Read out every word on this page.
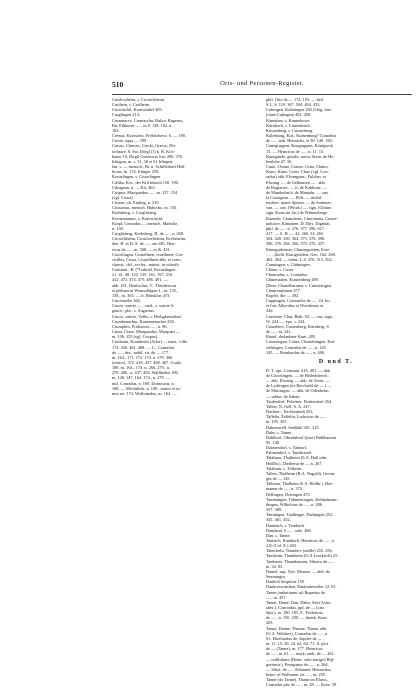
510	Orts- und Personen-Register.
Cruslowheim, s. Crowelsheim.
Cruthein, s. Crafheim.
Cruwinchil, Kronwinkel 405.
Cruglingen 214.
Cruzenacre, Cremaschu, Buhor, Rageruu,
Bu, Eihhorns — , m 9. 138, 182, n.
163.
Crenna, Kronstein, Fröbricherw. 6, — 190.
Creste, aqua — 399.
Cresso, Chresso, Creslo, Gresso, Dit-
torfaure, S. Sta. Dörgl (?) b. B. Kris-
bauer 19, Dirgil Cunenwie Jon. 280. 376.
Irlingun, m. s. 31, 30 et 61 Irlingen.
lan. s. — mensch., Br. n. Schifferhaft Heil-
brons, ln. 174. Irlinger 259.
Kreuzlingen, s. Crucelingen.
Crihha, Kvr., der Krlchsbach 150. 196.
Crhugeun, n. — Kü. 462.
Crispus, Marquardus — , m. 137. 154
(vgl. Crusa).
Cristen, ob. Emling, n. 219.
Cristianus, mensch. Hubschr., m. 150.
Krebsberg, s. Croglisberg.
Kreuzmannus, s. Kravwinchl.
Krupf, Conradus — mensch. Maleshe,
n. 150.
Croglisberg, Krebsberg, H. de — , n. 268.
Crowelsheim, Crosilwelsheim, Krebsheim,
den. H. et D. S. de — , am 481. Hen-
ricus de — , m. 308. — et ih. 431.
Crucelingen, Cruzelinen, cruellinen, Cru-
cisilles, Crusa, Cruzellinen abb. et conv.,
claustr., del., eccles., minist. in schroib
Constant., B. (*Gabriel, Kreuzlingen
21. 41. 48. 123. 139. 161. 197. 210.
412. 473. 474. 475. 486. 491. —
abb. 181. Denfuchus, T., Theodericus
et plebani in Warmolingen 1., m. 135.,
158., m. 303. — fr. Rhöulfus 473.
Crucimerhe 462.
Crucis, sancte — , card., s. sancte S.
gauce., pbr., s. Augustus.
Crucis, sancte, Vallis, s. Heiligkreuzthal.
Crumbenachur, Krummenacher 250.
Crumphes, Fridericus — , n. 96.
Crusa, Crase, Marquardus, Marquart —
m. 136. 155 (vgl. Crispus).
Cruthaim, Krautheim (Arlar) — mart., villa
174. 430. 461. 488. — C., Conradus
de — , des., nobil. vir. de — 177.
m. 164., 171. 172. 174. n. 279. 306
(senior), 372. 418. 437. 460. 467. Crafto
188. m. 164., 174. n. 266. 279., n.
279. 286., n. 437. 456. Walfhudus 186.
m. 148. 147. 164. 174., n. 279. —
mil. Conradus, n. 169. Domossus, n.
168. — Mechtildis, n. 189., senior et iu-
nior no. 174. Wolframdus, m. 164. —
phil. Otto de — 174. 193. — hed.
S.L. S. 119. 367. 504. 494. 433.
Culmigen, Kulmingen 202 (Ortg. hier
(oben Culmgen) 402. 458.
Kämatten, s. Kunnehowe.
Kürnbach, s. Cunrenbach.
Küssenberg, s. Cussenberg.
Kulenburg, Kul.; Kulnenborg? Conradus
de — , nob. Heinrichs, et 50. 149. 183.
Cunegruppen, Knegruppen. Königseck
13. — Heinricus de — , n. 11. 13.
Kunigunde, gissiltr. nuvor Stem. de Ho-
henlohe 47. 56.
Cuno, Chuno, Conon, Cöno, Chüno,
Kuno, Küno, Cono, Chuo (vgl. Con-
radus) abb. Elvangune., Fulcher. et
Elwang. — de Gelhausen — . abb.
de Raglarwe. — fr. de Kabbone. —
de Manderbach, de Mantaln. — can.
la Cousigeue. — Fills. — mobil.
noshert. maior Spieen. — de Sommer-
van. — can. (Wirzb.) — sign. (Chüne,
sign. Kuno mi.lor.) de Wimmelrege.
Kuenzhi, Chunchens, Chucetonis, Cunce-
nohowe, Kämatten. D. Dtrs. Dignitas
phil. de — , n. 276. 377. 396. 617.
417. — S. H. — 43. 260. 54. 265.
304. 320. 350. 364. 375. 376. 396.
396. 376. 384. 306. 370. 376. 437.
Künegurbenste, Chuningsteten, Kon-
. ... ..(hofh. Königshöfen, Geo. 162. 268.
462. 464. — hahst. L.S. 476. 513. 562.
Cunningen, s. Chüningen.
Chöne, s. Coser.
Chonradus, s. Conradus.
Chünestaten, Kunzenberg 489.
(Dem. Chunelbaraten, s. Cunstetrigen.
Chunrensburen 477.
Kupfer, die — 392.
Cuppingen, Cotonados de — , fil. bo.,
et fon. Albertdus et Worsherna in.
326.
Curtenne, Chur, Blah. 92. — can. sign.
W. 224. — epo. s. 224.
Cussebere, Cussenberg, Kürnberg, S.
de — , m. 241.
Kunel, rhelanhaer Kuni. 205.
Custeringen, Cotue, Chusteltingen, Kur-
steltingen, Conradus de — , n. 145.
145. — Reinhardus de — , n. 406.
D und T.
D. T. ops. Constant. 416. 481. — abb.
de Crucelingen. — de Heiledsberch.
— abb. Elwang. — abb. de Trans. —
de Lydringen (ex Berchteld de — ) —
de Murringen. — abb. de Odenheim.
— subbe. de Salem.
Tasderdorf, Polsener, Doderodorf 454.
Tabiet, N. Gell. S. A. 247.
Dachter-, Teichtermüli 353.
Taffelte, Taffelin, Ludwicus de — ,
m. 195. 367.
Dahrenwell, Saldfahl 301. 325.
Dahs, s. Tanne.
Dahlhorf, Oberdahrof (jetzt) Bühlhausen
95. 148.
Daimendorf, s. Tainiarf.
Palmendorf, s. Taudertsref.
Talabaus, Thalbeim (0.A. Hall oder
Heillbr.), Diethersa de — n. 267.
Talabum, s. Tölbeim.
Tallen, Thalheim (B.A. Nagold), Gerun-
gin de — 145.
Talheim, Thalheim (0.A. Heilbr.), Hee-
manne de — , n. 372.
Dellingen, Dettingen 475.
Tammingen, Tahmentingen, Dobbelmain-
dingen, Wilholons de — , n. 286.
357. 389.
Tamlingen, Taullinger, Thaltingen 252.
345. 461. 452.
Dambach, s. Tambach.
Damland, 6 — , ords. 486.
Dan, s. Tanne.
Tanbach, Kambach, Heinricus de — , n.
210 (Col. E.) 303.
Taneckelu, Teunderv (mölle) 255. 256.
Tamheim, Thambeim (O.A.Leutkirch) 25.
Tankenes, Thannhausen, Sibotos de — ,
m. 34. 85.
Daniel, sup. Nov. Monast. — abb. de
Senmingin.
Dankolt hospitius 159.
Dankroswinchen, Dankrateweiler 12. 81.
Tanne (unbetimmt ut) Rupertus de
— , m. 457.
Tanne, Dame, Dan, Dahn, Abt-(Asho-
taler.), Conrradus, ppl. de — (can.
Spir.), m. 180. 185. F., Fridericus
de — , n. 150. 290. — theiek. Kuni.
203.
Tanne, Danne, Thanne, Thann, abb.
(O.A. Waldsee), Conradus de — , n.
61. Eberhardus de, dapifer de — ,
m. 11. 15. 36. 24. 62. 64. 71. fl. plot.
de — (Tanne), m. 177. Heinricus
de — , m. 61. — mark. rank. de — 261.
— ordiluhnes (Heinr. ordo navige) Bijl-
gerimsir.), Peregrinus de — , n. 264.
— Sibot. de — . Kühnner, Heinrichus
heim- of Walburne. de — , m. 205.
Tanne (do Tanne), Thann im Elsass,
Conradus pbr. de — , m. 28. — Konr. 39.
